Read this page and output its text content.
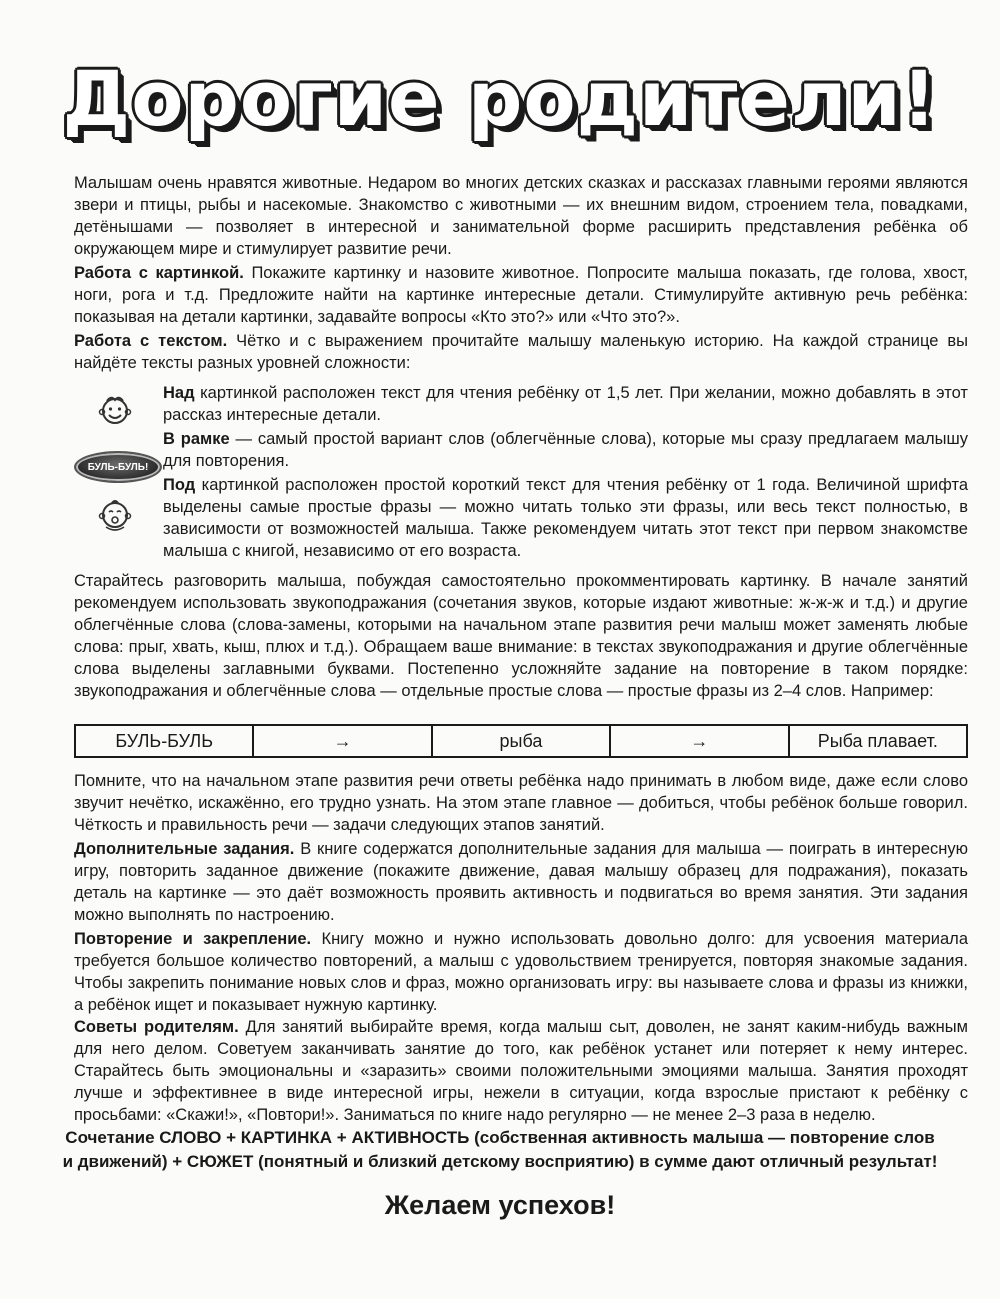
Дорогие родители!

Малышам очень нравятся животные. Недаром во многих детских сказках и рассказах главными героями являются звери и птицы, рыбы и насекомые. Знакомство с животными — их внешним видом, строением тела, повадками, детёнышами — позволяет в интересной и занимательной форме расширить представления ребёнка об окружающем мире и стимулирует развитие речи.

Работа с картинкой. Покажите картинку и назовите животное. Попросите малыша показать, где голова, хвост, ноги, рога и т.д. Предложите найти на картинке интересные детали. Стимулируйте активную речь ребёнка: показывая на детали картинки, задавайте вопросы «Кто это?» или «Что это?».

Работа с текстом. Чётко и с выражением прочитайте малышу маленькую историю. На каждой странице вы найдёте тексты разных уровней сложности:

БУЛЬ-БУЛЬ!

Над картинкой расположен текст для чтения ребёнку от 1,5 лет. При желании, можно добавлять в этот рассказ интересные детали.

В рамке — самый простой вариант слов (облегчённые слова), которые мы сразу предлагаем малышу для повторения.

Под картинкой расположен простой короткий текст для чтения ребёнку от 1 года. Величиной шрифта выделены самые простые фразы — можно читать только эти фразы, или весь текст полностью, в зависимости от возможностей малыша. Также рекомендуем читать этот текст при первом знакомстве малыша с книгой, независимо от его возраста.

Старайтесь разговорить малыша, побуждая самостоятельно прокомментировать картинку. В начале занятий рекомендуем использовать звукоподражания (сочетания звуков, которые издают животные: ж-ж-ж и т.д.) и другие облегчённые слова (слова-замены, которыми на начальном этапе развития речи малыш может заменять любые слова: прыг, хвать, кыш, плюх и т.д.). Обращаем ваше внимание: в текстах звукоподражания и другие облегчённые слова выделены заглавными буквами. Постепенно усложняйте задание на повторение в таком порядке: звукоподражания и облегчённые слова — отдельные простые слова — простые фразы из 2–4 слов. Например:

БУЛЬ-БУЛЬ	→	рыба	→	Рыба плавает.

Помните, что на начальном этапе развития речи ответы ребёнка надо принимать в любом виде, даже если слово звучит нечётко, искажённо, его трудно узнать. На этом этапе главное — добиться, чтобы ребёнок больше говорил. Чёткость и правильность речи — задачи следующих этапов занятий.

Дополнительные задания. В книге содержатся дополнительные задания для малыша — поиграть в интересную игру, повторить заданное движение (покажите движение, давая малышу образец для подражания), показать деталь на картинке — это даёт возможность проявить активность и подвигаться во время занятия. Эти задания можно выполнять по настроению.

Повторение и закрепление. Книгу можно и нужно использовать довольно долго: для усвоения материала требуется большое количество повторений, а малыш с удовольствием тренируется, повторяя знакомые задания. Чтобы закрепить понимание новых слов и фраз, можно организовать игру: вы называете слова и фразы из книжки, а ребёнок ищет и показывает нужную картинку.

Советы родителям. Для занятий выбирайте время, когда малыш сыт, доволен, не занят каким-нибудь важным для него делом. Советуем заканчивать занятие до того, как ребёнок устанет или потеряет к нему интерес. Старайтесь быть эмоциональны и «заразить» своими положительными эмоциями малыша. Занятия проходят лучше и эффективнее в виде интересной игры, нежели в ситуации, когда взрослые пристают к ребёнку с просьбами: «Скажи!», «Повтори!». Заниматься по книге надо регулярно — не менее 2–3 раза в неделю.

Сочетание СЛОВО + КАРТИНКА + АКТИВНОСТЬ (собственная активность малыша — повторение слов

и движений) + СЮЖЕТ (понятный и близкий детскому восприятию) в сумме дают отличный результат!

Желаем успехов!
